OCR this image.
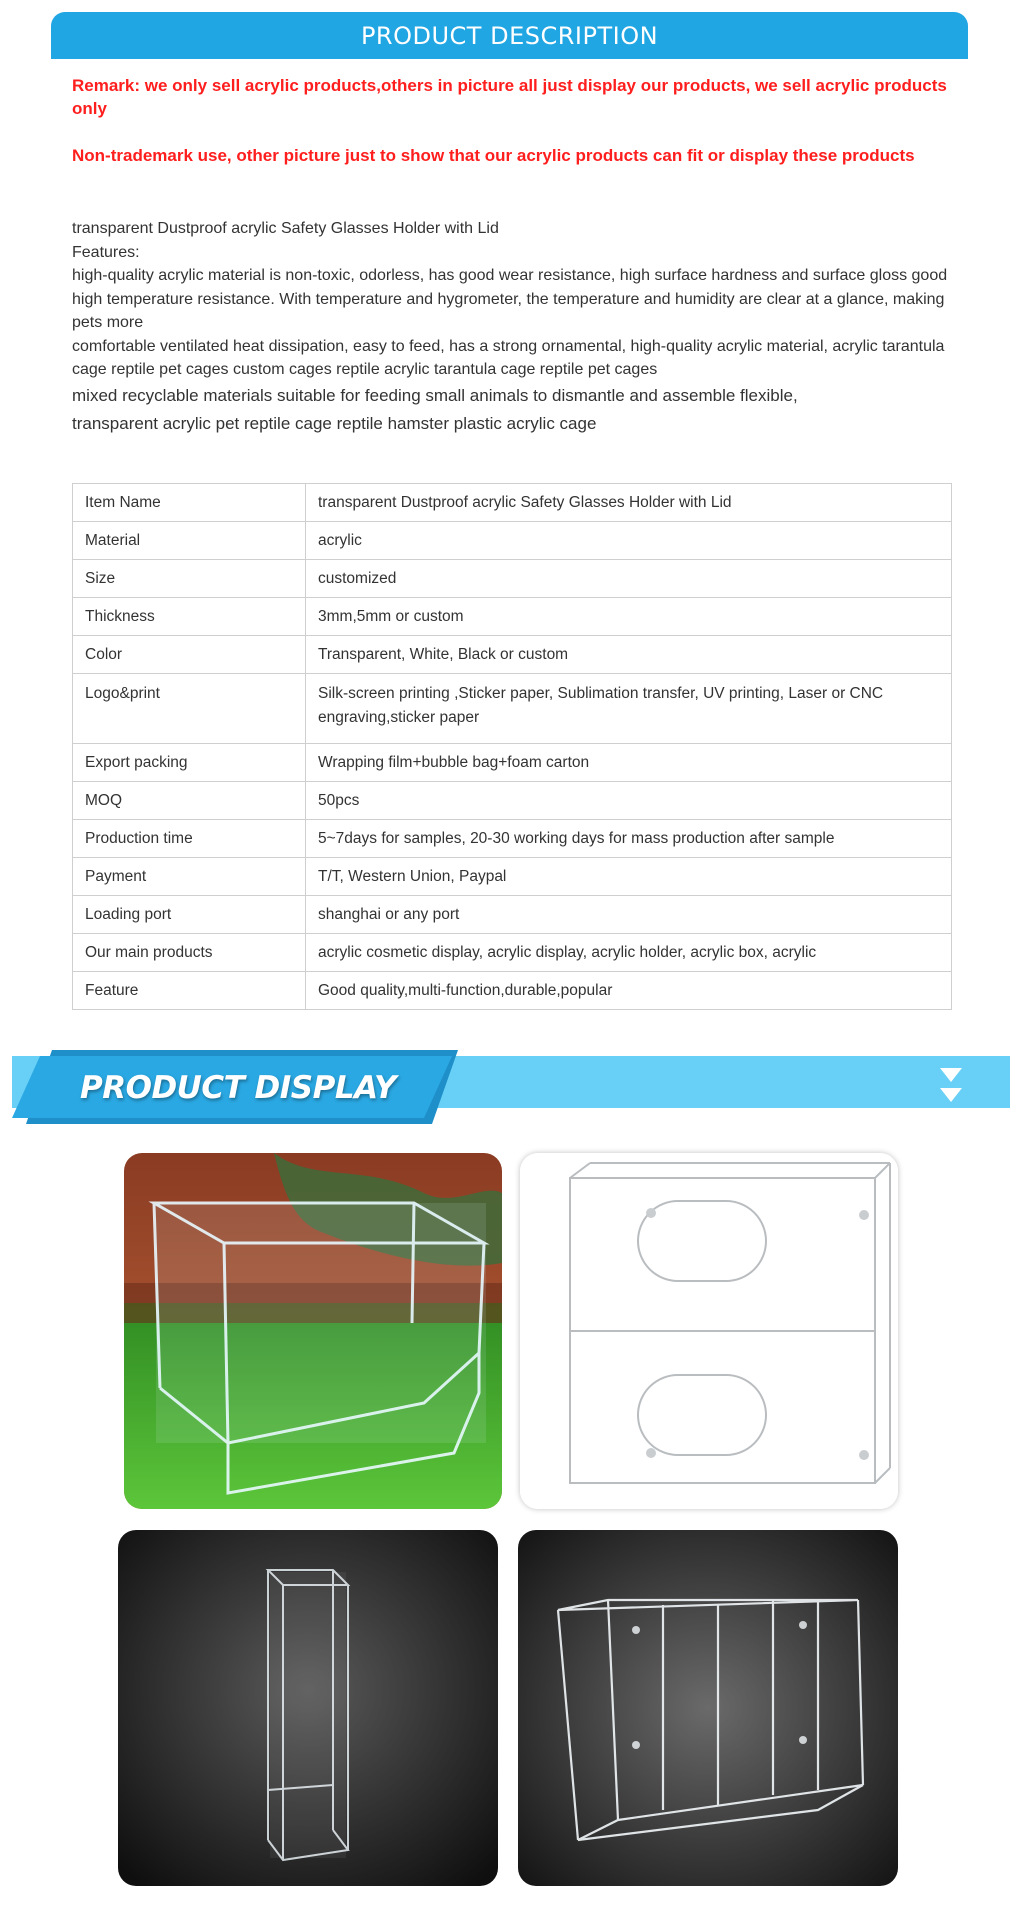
PRODUCT DESCRIPTION

Remark: we only sell acrylic products,others in picture all just display our products, we sell acrylic products only

Non-trademark use, other picture just to show that our acrylic products can fit or display these products

transparent Dustproof acrylic Safety Glasses Holder with Lid
Features:
high-quality acrylic material is non-toxic, odorless, has good wear resistance, high surface hardness and surface gloss good high temperature resistance. With temperature and hygrometer, the temperature and humidity are clear at a glance, making pets more
comfortable ventilated heat dissipation, easy to feed, has a strong ornamental, high-quality acrylic material, acrylic tarantula cage reptile pet cages custom cages reptile acrylic tarantula cage reptile pet cages
mixed recyclable materials suitable for feeding small animals to dismantle and assemble flexible,
transparent acrylic pet reptile cage reptile hamster plastic acrylic cage
Item Name	transparent Dustproof acrylic Safety Glasses Holder with Lid
Material	acrylic
Size	customized
Thickness	3mm,5mm or custom
Color	Transparent, White, Black or custom
Logo&print	Silk-screen printing ,Sticker paper, Sublimation transfer, UV printing, Laser or CNC engraving,sticker paper
Export packing	Wrapping film+bubble bag+foam carton
MOQ	50pcs
Production time	5~7days for samples, 20-30 working days for mass production after sample
Payment	T/T, Western Union, Paypal
Loading port	shanghai or any port
Our main products	acrylic cosmetic display, acrylic display, acrylic holder, acrylic box, acrylic
Feature	Good quality,multi-function,durable,popular
PRODUCT DISPLAY
